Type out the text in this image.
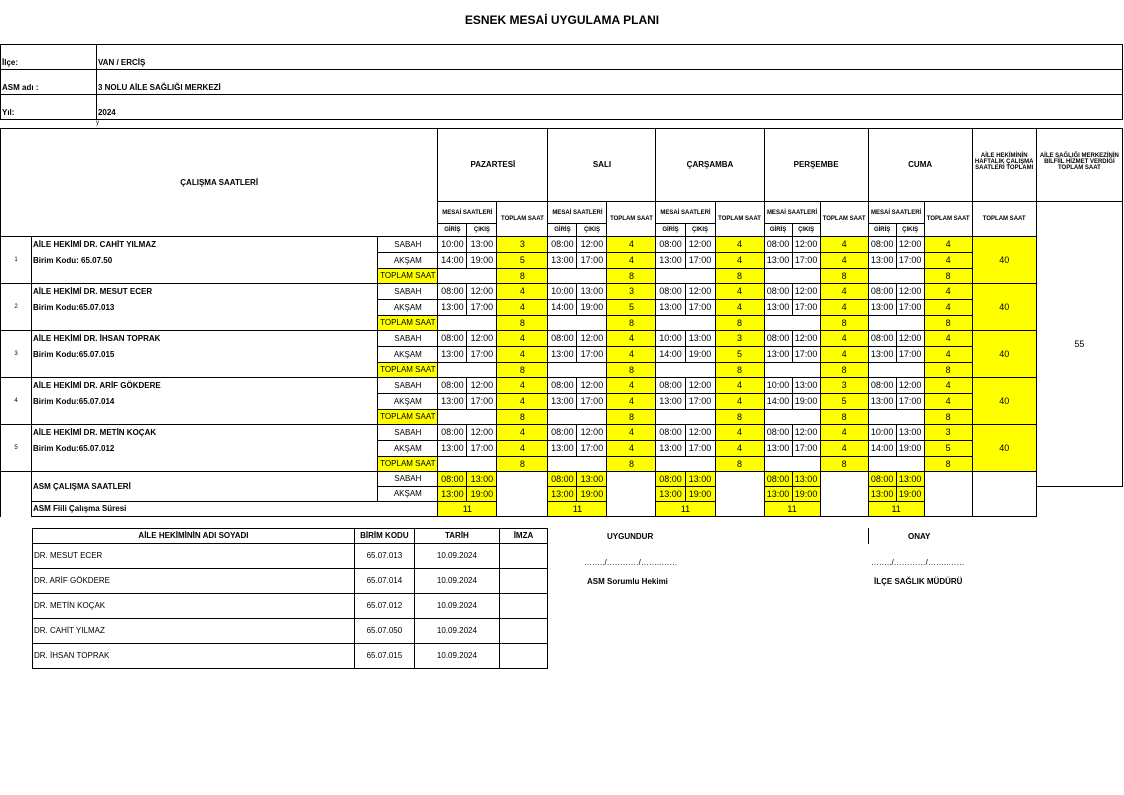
ESNEK MESAİ UYGULAMA PLANI
İlçe:	VAN / ERCİŞ
ASM adı :	3 NOLU AİLE SAĞLIĞI MERKEZİ
Yıl:	2024
y
ÇALIŞMA SAATLERİ			PAZARTESİ			SALI			ÇARŞAMBA			PERŞEMBE			CUMA			AİLE HEKİMİNİN HAFTALIK ÇALIŞMA SAATLERİ TOPLAMI	AİLE SAĞLIĞI MERKEZİNİN BİLFİİL HİZMET VERDİĞİ TOPLAM SAAT
			MESAİ SAATLERİ		TOPLAM SAAT	MESAİ SAATLERİ		TOPLAM SAAT	MESAİ SAATLERİ		TOPLAM SAAT	MESAİ SAATLERİ		TOPLAM SAAT	MESAİ SAATLERİ		TOPLAM SAAT	TOPLAM SAAT	55
			GİRİŞ	ÇIKIŞ		GİRİŞ	ÇIKIŞ		GİRİŞ	ÇIKIŞ		GİRİŞ	ÇIKIŞ		GİRİŞ	ÇIKIŞ			
1	AİLE HEKİMİ DR. CAHİT YILMAZ	SABAH	10:00	13:00	3	08:00	12:00	4	08:00	12:00	4	08:00	12:00	4	08:00	12:00	4	40	
	Birim Kodu: 65.07.50	AKŞAM	14:00	19:00	5	13:00	17:00	4	13:00	17:00	4	13:00	17:00	4	13:00	17:00	4		
		TOPLAM SAAT			8			8			8			8			8		
2	AİLE HEKİMİ DR. MESUT ECER	SABAH	08:00	12:00	4	10:00	13:00	3	08:00	12:00	4	08:00	12:00	4	08:00	12:00	4	40	
	Birim Kodu:65.07.013	AKŞAM	13:00	17:00	4	14:00	19:00	5	13:00	17:00	4	13:00	17:00	4	13:00	17:00	4		
		TOPLAM SAAT			8			8			8			8			8		
3	AİLE HEKİMİ DR. İHSAN TOPRAK	SABAH	08:00	12:00	4	08:00	12:00	4	10:00	13:00	3	08:00	12:00	4	08:00	12:00	4	40	
	Birim Kodu:65.07.015	AKŞAM	13:00	17:00	4	13:00	17:00	4	14:00	19:00	5	13:00	17:00	4	13:00	17:00	4		
		TOPLAM SAAT			8			8			8			8			8		
4	AİLE HEKİMİ DR. ARİF GÖKDERE	SABAH	08:00	12:00	4	08:00	12:00	4	08:00	12:00	4	10:00	13:00	3	08:00	12:00	4	40	
	Birim Kodu:65.07.014	AKŞAM	13:00	17:00	4	13:00	17:00	4	13:00	17:00	4	14:00	19:00	5	13:00	17:00	4		
		TOPLAM SAAT			8			8			8			8			8		
5	AİLE HEKİMİ DR. METİN KOÇAK	SABAH	08:00	12:00	4	08:00	12:00	4	08:00	12:00	4	08:00	12:00	4	10:00	13:00	3	40	
	Birim Kodu:65.07.012	AKŞAM	13:00	17:00	4	13:00	17:00	4	13:00	17:00	4	13:00	17:00	4	14:00	19:00	5		
		TOPLAM SAAT			8			8			8			8			8		
	ASM ÇALIŞMA SAATLERİ	SABAH	08:00	13:00		08:00	13:00		08:00	13:00		08:00	13:00		08:00	13:00			
		AKŞAM	13:00	19:00		13:00	19:00		13:00	19:00		13:00	19:00		13:00	19:00			
	ASM Fiili Çalışma Süresi		11			11			11			11			11				
AİLE HEKİMİNİN ADI SOYADI	BİRİM KODU	TARİH	İMZA
DR. MESUT ECER	65.07.013	10.09.2024	
DR. ARİF GÖKDERE	65.07.014	10.09.2024	
DR. METİN KOÇAK	65.07.012	10.09.2024	
DR. CAHİT YILMAZ	65.07.050	10.09.2024	
DR. İHSAN TOPRAK	65.07.015	10.09.2024	
UYGUNDUR	ONAY
……../…………/……..……	……../…………/……..……
ASM Sorumlu Hekimi	İLÇE SAĞLIK MÜDÜRÜ
